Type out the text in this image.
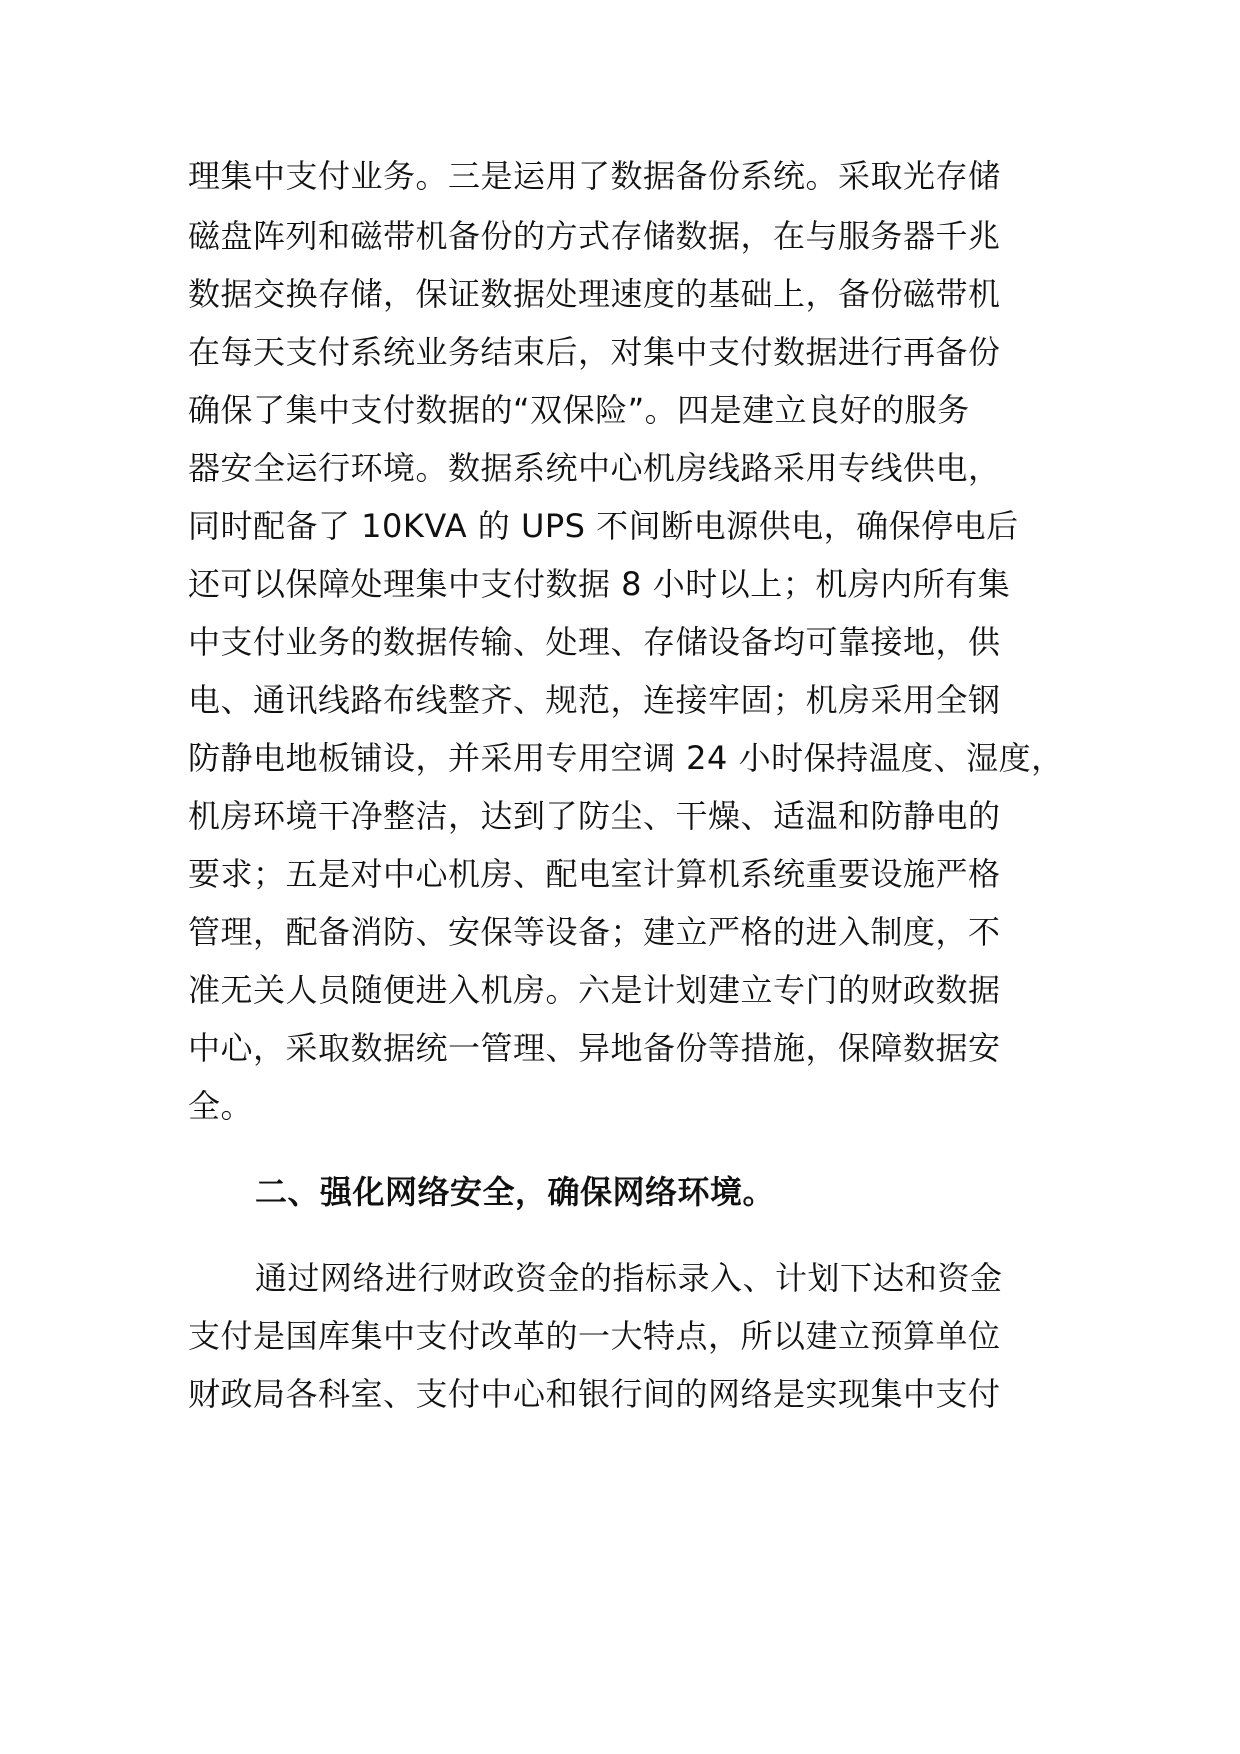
理集中支付业务。三是运用了数据备份系统。采取光存储
磁盘阵列和磁带机备份的方式存储数据，在与服务器千兆
数据交换存储，保证数据处理速度的基础上，备份磁带机
在每天支付系统业务结束后，对集中支付数据进行再备份
确保了集中支付数据的“双保险”。四是建立良好的服务
器安全运行环境。数据系统中心机房线路采用专线供电，
同时配备了 10KVA 的 UPS 不间断电源供电，确保停电后
还可以保障处理集中支付数据 8 小时以上；机房内所有集
中支付业务的数据传输、处理、存储设备均可靠接地，供
电、通讯线路布线整齐、规范，连接牢固；机房采用全钢
防静电地板铺设，并采用专用空调 24 小时保持温度、湿度，
机房环境干净整洁，达到了防尘、干燥、适温和防静电的
要求；五是对中心机房、配电室计算机系统重要设施严格
管理，配备消防、安保等设备；建立严格的进入制度，不
准无关人员随便进入机房。六是计划建立专门的财政数据
中心，采取数据统一管理、异地备份等措施，保障数据安
全。
二、强化网络安全，确保网络环境。
通过网络进行财政资金的指标录入、计划下达和资金
支付是国库集中支付改革的一大特点，所以建立预算单位
财政局各科室、支付中心和银行间的网络是实现集中支付
